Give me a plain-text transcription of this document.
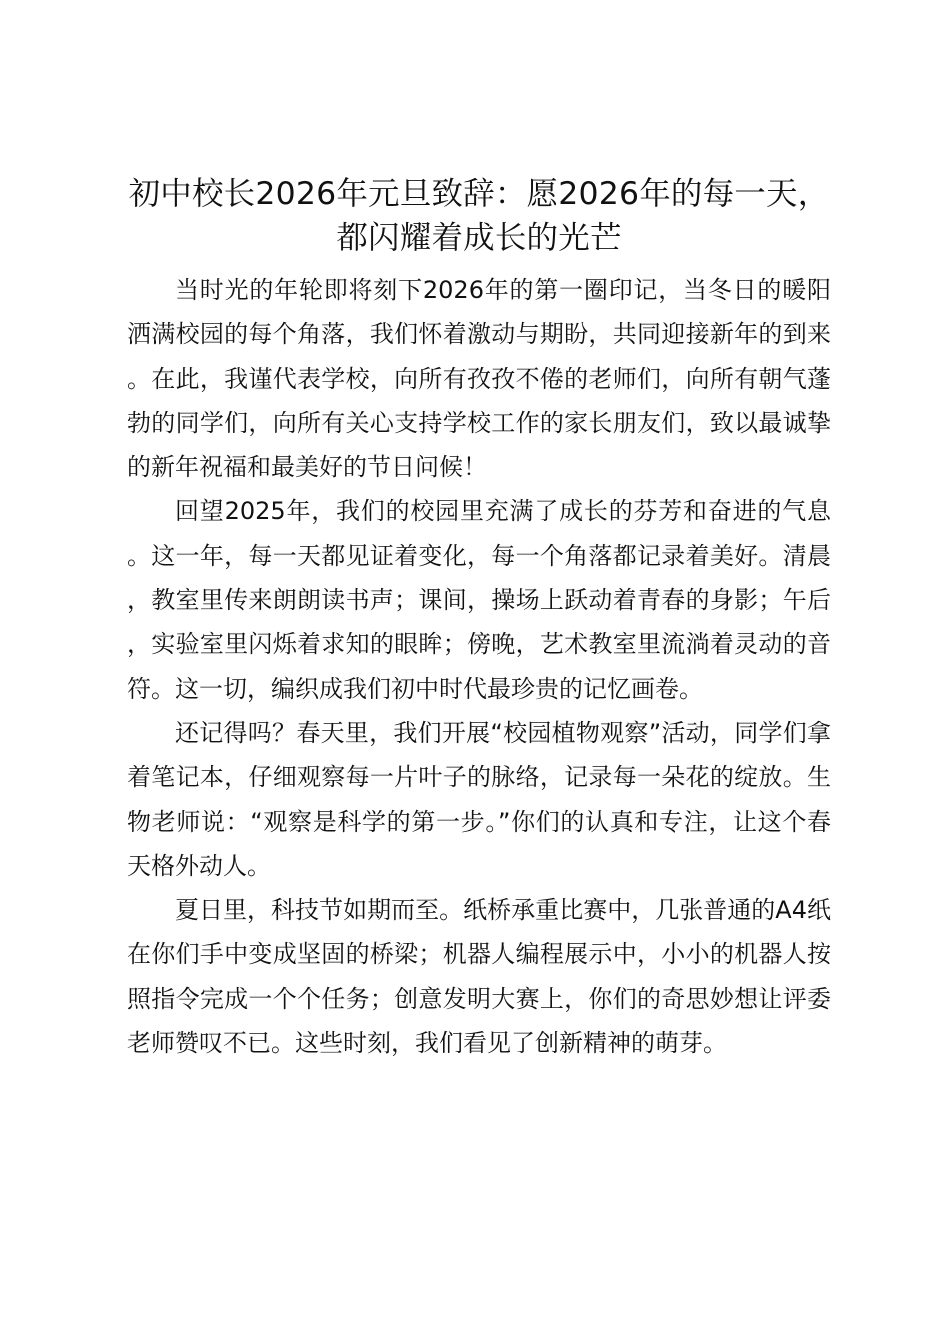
初中校长2026年元旦致辞：愿2026年的每一天，都闪耀着成长的光芒

当时光的年轮即将刻下2026年的第一圈印记，当冬日的暖阳洒满校园的每个角落，我们怀着激动与期盼，共同迎接新年的到来。在此，我谨代表学校，向所有孜孜不倦的老师们，向所有朝气蓬勃的同学们，向所有关心支持学校工作的家长朋友们，致以最诚挚的新年祝福和最美好的节日问候！

回望2025年，我们的校园里充满了成长的芬芳和奋进的气息。这一年，每一天都见证着变化，每一个角落都记录着美好。清晨，教室里传来朗朗读书声；课间，操场上跃动着青春的身影；午后，实验室里闪烁着求知的眼眸；傍晚，艺术教室里流淌着灵动的音符。这一切，编织成我们初中时代最珍贵的记忆画卷。

还记得吗？春天里，我们开展“校园植物观察”活动，同学们拿着笔记本，仔细观察每一片叶子的脉络，记录每一朵花的绽放。生物老师说：“观察是科学的第一步。”你们的认真和专注，让这个春天格外动人。

夏日里，科技节如期而至。纸桥承重比赛中，几张普通的A4纸在你们手中变成坚固的桥梁；机器人编程展示中，小小的机器人按照指令完成一个个任务；创意发明大赛上，你们的奇思妙想让评委老师赞叹不已。这些时刻，我们看见了创新精神的萌芽。
